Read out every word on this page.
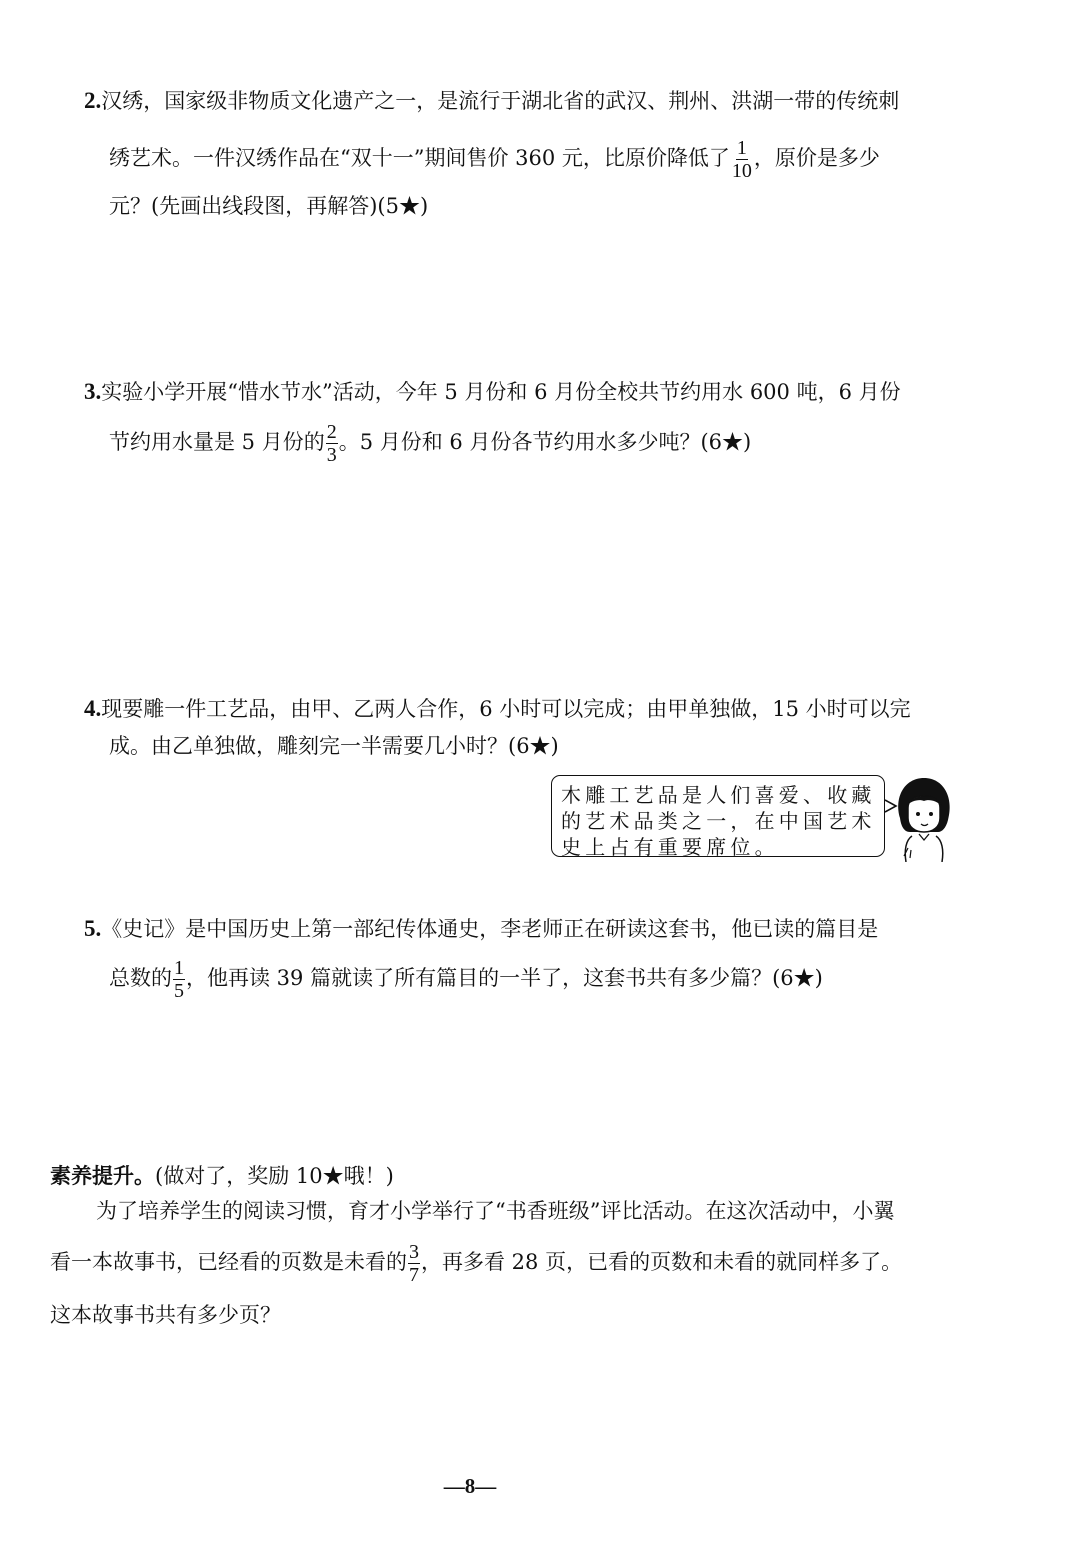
2.汉绣，国家级非物质文化遗产之一，是流行于湖北省的武汉、荆州、洪湖一带的传统刺
绣艺术。一件汉绣作品在“双十一”期间售价 360 元，比原价降低了 $\frac{1}{10}$ ，原价是多少
元？(先画出线段图，再解答)(5★)
3.实验小学开展“惜水节水”活动，今年 5 月份和 6 月份全校共节约用水 600 吨，6 月份
节约用水量是 5 月份的 $\frac{2}{3}$ 。5 月份和 6 月份各节约用水多少吨？(6★)
4.现要雕一件工艺品，由甲、乙两人合作，6 小时可以完成；由甲单独做，15 小时可以完
成。由乙单独做，雕刻完一半需要几小时？(6★)
木雕工艺品是人们喜爱、收藏
的艺术品类之一，在中国艺术
史上占有重要席位。
5.《史记》是中国历史上第一部纪传体通史，李老师正在研读这套书，他已读的篇目是
总数的 $\frac{1}{5}$ ，他再读 39 篇就读了所有篇目的一半了，这套书共有多少篇？(6★)
素养提升。(做对了，奖励 10★哦！)
为了培养学生的阅读习惯，育才小学举行了“书香班级”评比活动。在这次活动中，小翼
看一本故事书，已经看的页数是未看的 $\frac{3}{7}$ ，再多看 28 页，已看的页数和未看的就同样多了。
这本故事书共有多少页？
—8—
